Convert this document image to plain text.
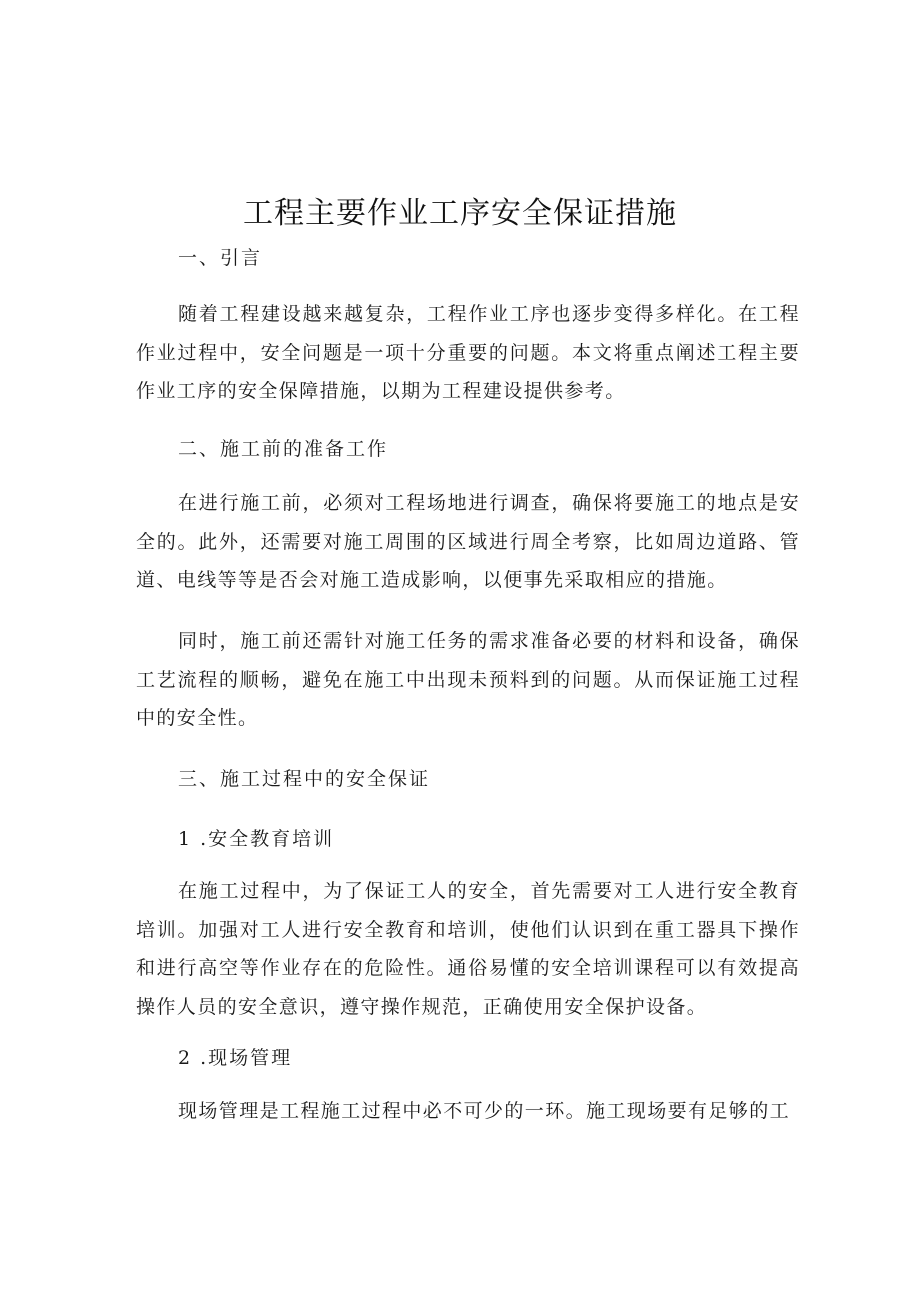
工程主要作业工序安全保证措施
一、引言
随着工程建设越来越复杂，工程作业工序也逐步变得多样化。在工程作业过程中，安全问题是一项十分重要的问题。本文将重点阐述工程主要作业工序的安全保障措施，以期为工程建设提供参考。
二、施工前的准备工作
在进行施工前，必须对工程场地进行调查，确保将要施工的地点是安全的。此外，还需要对施工周围的区域进行周全考察，比如周边道路、管道、电线等等是否会对施工造成影响，以便事先采取相应的措施。
同时，施工前还需针对施工任务的需求准备必要的材料和设备，确保工艺流程的顺畅，避免在施工中出现未预料到的问题。从而保证施工过程中的安全性。
三、施工过程中的安全保证
1 .安全教育培训
在施工过程中，为了保证工人的安全，首先需要对工人进行安全教育培训。加强对工人进行安全教育和培训，使他们认识到在重工器具下操作和进行高空等作业存在的危险性。通俗易懂的安全培训课程可以有效提高操作人员的安全意识，遵守操作规范，正确使用安全保护设备。
2 .现场管理
现场管理是工程施工过程中必不可少的一环。施工现场要有足够的工
